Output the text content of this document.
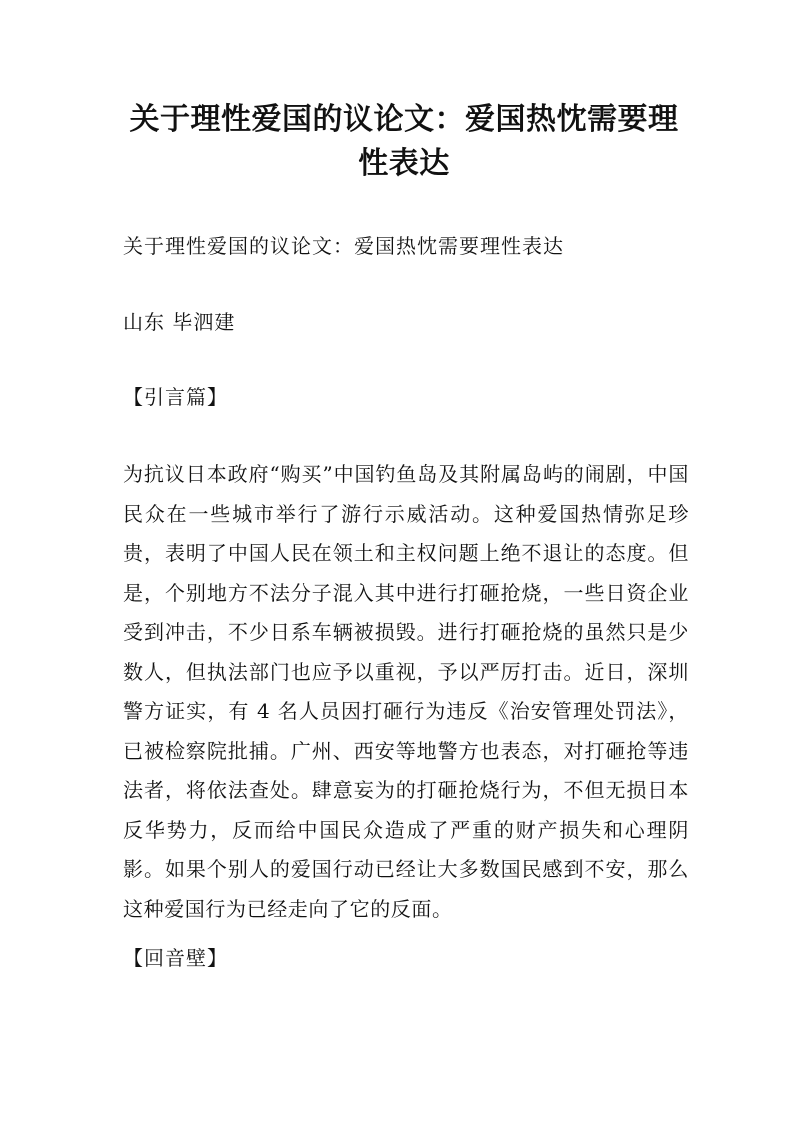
关于理性爱国的议论文：爱国热忱需要理性表达

关于理性爱国的议论文：爱国热忱需要理性表达

山东 毕泗建

【引言篇】

为抗议日本政府“购买”中国钓鱼岛及其附属岛屿的闹剧，中国民众在一些城市举行了游行示威活动。这种爱国热情弥足珍贵，表明了中国人民在领土和主权问题上绝不退让的态度。但是，个别地方不法分子混入其中进行打砸抢烧，一些日资企业受到冲击，不少日系车辆被损毁。进行打砸抢烧的虽然只是少数人，但执法部门也应予以重视，予以严厉打击。近日，深圳警方证实，有 4 名人员因打砸行为违反《治安管理处罚法》，已被检察院批捕。广州、西安等地警方也表态，对打砸抢等违法者，将依法查处。肆意妄为的打砸抢烧行为，不但无损日本反华势力，反而给中国民众造成了严重的财产损失和心理阴影。如果个别人的爱国行动已经让大多数国民感到不安，那么这种爱国行为已经走向了它的反面。

【回音壁】
